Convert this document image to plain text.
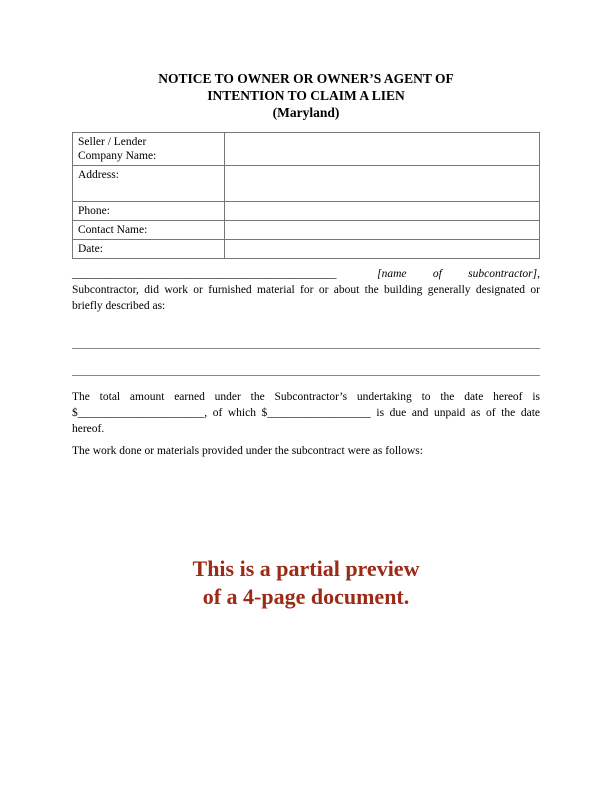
NOTICE TO OWNER OR OWNER’S AGENT OF
INTENTION TO CLAIM A LIEN
(Maryland)
Seller / Lender
Company Name:	
Address:	
Phone:	
Contact Name:	
Date:	
______________________________________________	[name of subcontractor],
Subcontractor, did work or furnished material for or about the building generally designated or
briefly described as:
The total amount earned under the Subcontractor’s undertaking to the date hereof is
$______________________, of which $__________________ is due and unpaid as of the date
hereof.
The work done or materials provided under the subcontract were as follows:
This is a partial preview
of a 4-page document.
